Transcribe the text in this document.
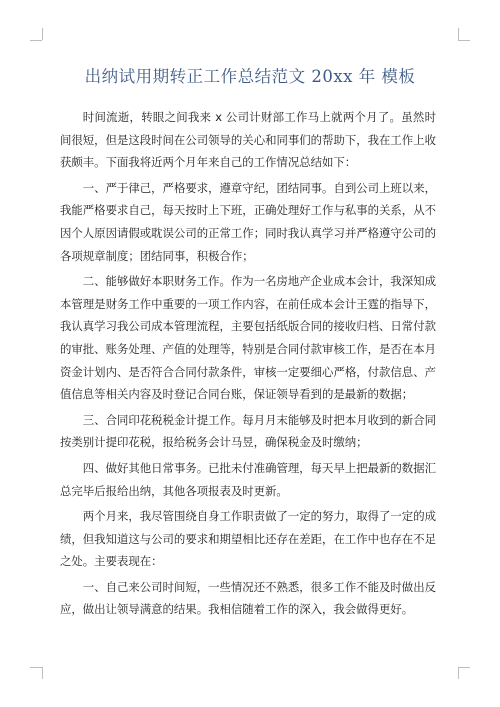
出纳试用期转正工作总结范文 20xx 年 模板

时间流逝，转眼之间我来 x 公司计财部工作马上就两个月了。虽然时间很短，但是这段时间在公司领导的关心和同事们的帮助下，我在工作上收获颇丰。下面我将近两个月年来自己的工作情况总结如下：

一、严于律己，严格要求，遵章守纪，团结同事。自到公司上班以来，我能严格要求自己，每天按时上下班，正确处理好工作与私事的关系，从不因个人原因请假或耽误公司的正常工作；同时我认真学习并严格遵守公司的各项规章制度；团结同事，积极合作；

二、能够做好本职财务工作。作为一名房地产企业成本会计，我深知成本管理是财务工作中重要的一项工作内容，在前任成本会计王霆的指导下，我认真学习我公司成本管理流程，主要包括纸版合同的接收归档、日常付款的审批、账务处理、产值的处理等，特别是合同付款审核工作，是否在本月资金计划内、是否符合合同付款条件，审核一定要细心严格，付款信息、产值信息等相关内容及时登记合同台账，保证领导看到的是最新的数据；

三、合同印花税税金计提工作。每月月末能够及时把本月收到的新合同按类别计提印花税，报给税务会计马昱，确保税金及时缴纳；

四、做好其他日常事务。已批未付准确管理，每天早上把最新的数据汇总完毕后报给出纳，其他各项报表及时更新。

两个月来，我尽管围绕自身工作职责做了一定的努力，取得了一定的成绩，但我知道这与公司的要求和期望相比还存在差距，在工作中也存在不足之处。主要表现在：

一、自己来公司时间短，一些情况还不熟悉，很多工作不能及时做出反应，做出让领导满意的结果。我相信随着工作的深入，我会做得更好。
